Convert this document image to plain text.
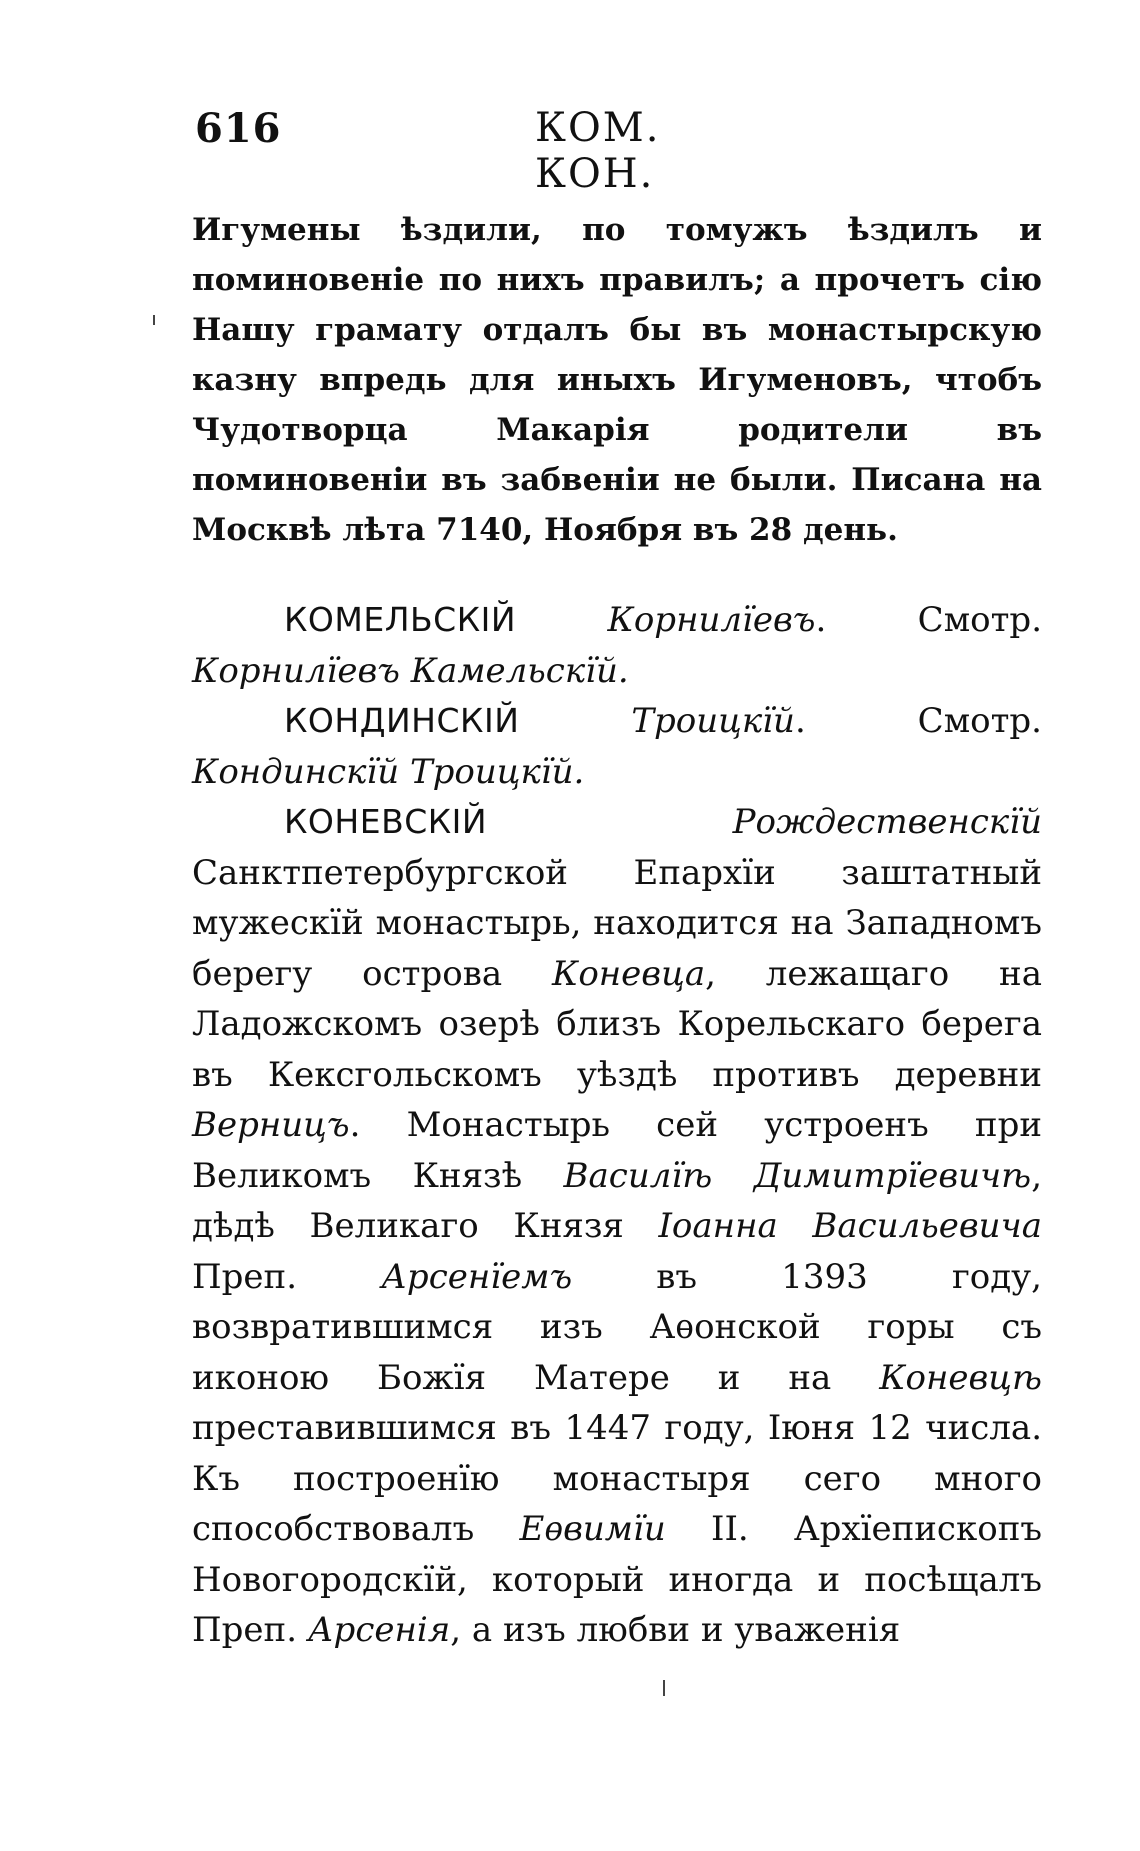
616	КОМ. КОН.
Игумены ѣздили, по томужъ ѣздилъ и поминовеніе по нихъ правилъ; а прочетъ сію Нашу грамату отдалъ бы въ монастырскую казну впредь для иныхъ Игуменовъ, чтобъ Чудотворца Макарія родители въ поминовеніи въ забвеніи не были. Писана на Москвѣ лѣта 7140, Ноября въ 28 день.

КОМЕЛЬСКІЙ	Корнилїевъ. Смотр. Корнилїевъ Камельскїй.

КОНДИНСКІЙ	Троицкїй. Смотр. Кондинскїй Троицкїй.

КОНЕВСКІЙ	Рождественскїй Санктпетербургской Епархїи заштатный мужескїй монастырь, находится на Западномъ берегу острова Коневца, лежащаго на Ладожскомъ озерѣ близъ Корельскаго берега въ Кексгольскомъ уѣздѣ противъ деревни Верницъ. Монастырь сей устроенъ при Великомъ Князѣ Василїѣ Димитрїевичѣ, дѣдѣ Великаго Князя Іоанна Васильевича Преп. Арсенїемъ въ 1393 году, возвратившимся изъ Аѳонской горы съ иконою Божїя Матере и на Коневцѣ преставившимся въ 1447 году, Іюня 12 числа. Къ построенїю монастыря сего много способствовалъ Еѳвимїи II. Архїепископъ Новогородскїй, который иногда и посѣщалъ Преп. Арсенія, а изъ любви и уваженія
